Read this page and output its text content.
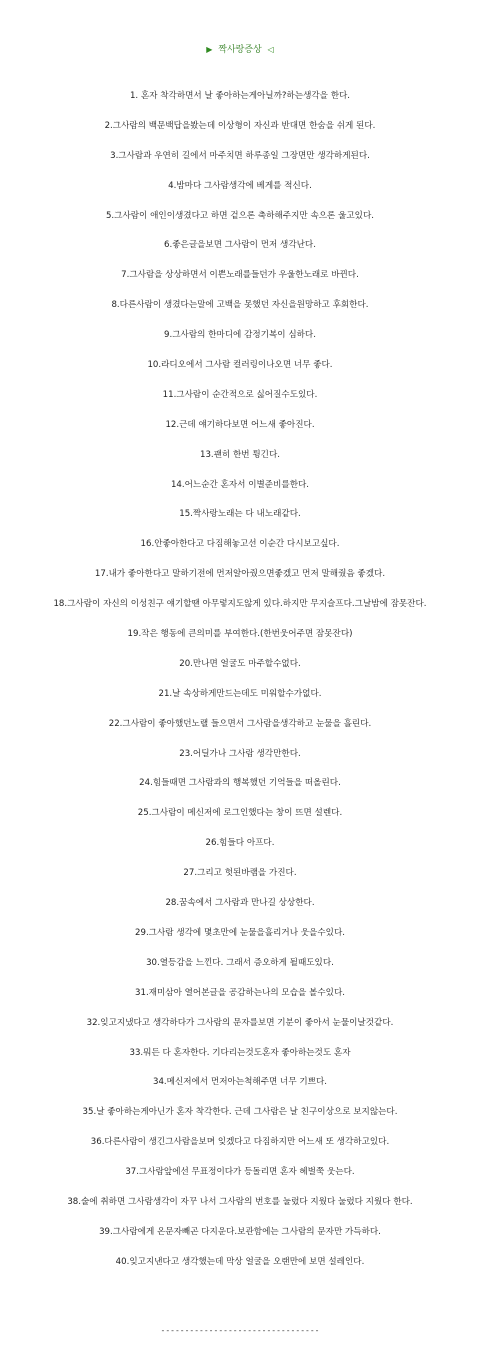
▶ 짝사랑증상 ◁
1. 혼자 착각하면서 날 좋아하는게아닐까?하는생각을 한다.
2.그사람의 백문백답을봤는데 이상형이 자신과 반대면 한숨을 쉬게 된다.
3.그사람과 우연히 길에서 마주치면 하루종일 그장면만 생각하게된다.
4.밤마다 그사람생각에 베게를 적신다.
5.그사람이 애인이생겼다고 하면 겉으론 축하해주지만 속으론 울고있다.
6.좋은글을보면 그사람이 먼저 생각난다.
7.그사람을 상상하면서 이쁜노래를들던가 우울한노래로 바뀐다.
8.다른사람이 생겼다는말에 고백을 못했던 자신을원망하고 후회한다.
9.그사람의 한마디에 감정기복이 심하다.
10.라디오에서 그사람 컬러링이나오면 너무 좋다.
11.그사람이 순간적으로 싫어질수도있다.
12.근데 얘기하다보면 어느새 좋아진다.
13.괜히 한번 튕긴다.
14.어느순간 혼자서 이별준비를한다.
15.짝사랑노래는 다 내노래같다.
16.안좋아한다고 다짐해놓고선 이순간 다시보고싶다.
17.내가 좋아한다고 말하기전에 먼저알아줬으면좋겠고 먼저 말해줬음 좋겠다.
18.그사람이 자신의 이성친구 얘기할땐 아무렇지도않게 있다.하지만 무지슬프다.그날밤에 잠못잔다.
19.작은 행동에 큰의미를 부여한다.(한번웃어주면 잠못잔다)
20.만나면 얼굴도 마주할수없다.
21.날 속상하게만드는데도 미워할수가없다.
22.그사람이 좋아했던노랠 들으면서 그사람을생각하고 눈물을 흘린다.
23.어딜가나 그사람 생각만한다.
24.힘들때면 그사람과의 행복했던 기억들을 떠올린다.
25.그사람이 메신저에 로그인했다는 창이 뜨면 설렌다.
26.힘들다 아프다.
27.그리고 헛된바램을 가진다.
28.꿈속에서 그사람과 만나길 상상한다.
29.그사람 생각에 몇초만에 눈물을흘리거나 웃을수있다.
30.열등감을 느낀다. 그래서 증오하게 될때도있다.
31.재미삼아 열어본글을 공감하는나의 모습을 볼수있다.
32.잊고지냈다고 생각하다가 그사람의 문자를보면 기분이 좋아서 눈물이날것같다.
33.뭐든 다 혼자한다. 기다리는것도혼자 좋아하는것도 혼자
34.메신저에서 먼저아는척해주면 너무 기쁘다.
35.날 좋아하는게아닌가 혼자 착각한다. 근데 그사람은 날 친구이상으로 보지않는다.
36.다른사람이 생긴그사람을보며 잊겠다고 다짐하지만 어느새 또 생각하고있다.
37.그사람앞에선 무표정이다가 등돌리면 혼자 헤벌쭉 웃는다.
38.술에 취하면 그사람생각이 자꾸 나서 그사람의 번호를 눌렀다 지웠다 눌렀다 지웠다 한다.
39.그사람에게 온문자빼곤 다지운다.보관함에는 그사람의 문자만 가득하다.
40.잊고지낸다고 생각했는데 막상 얼굴을 오랜만에 보면 설레인다.
---------------------------------
